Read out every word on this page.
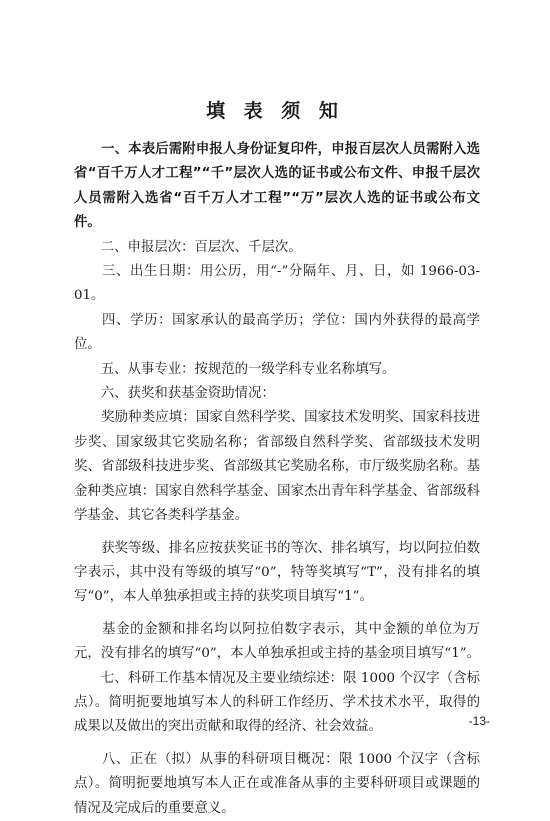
填 表 须 知

　　一、本表后需附申报人身份证复印件，申报百层次人员需附入选省“百千万人才工程”“千”层次人选的证书或公布文件、申报千层次人员需附入选省“百千万人才工程”“万”层次人选的证书或公布文件。

　　二、申报层次：百层次、千层次。

　　三、出生日期：用公历，用“-”分隔年、月、日，如 1966-03-01。

　　四、学历：国家承认的最高学历；学位：国内外获得的最高学位。

　　五、从事专业：按规范的一级学科专业名称填写。

　　六、获奖和获基金资助情况：

　　奖励种类应填：国家自然科学奖、国家技术发明奖、国家科技进步奖、国家级其它奖励名称；省部级自然科学奖、省部级技术发明奖、省部级科技进步奖、省部级其它奖励名称，市厅级奖励名称。基金种类应填：国家自然科学基金、国家杰出青年科学基金、省部级科学基金、其它各类科学基金。

　　获奖等级、排名应按获奖证书的等次、排名填写，均以阿拉伯数字表示，其中没有等级的填写“0”，特等奖填写“T”，没有排名的填写“0”，本人单独承担或主持的获奖项目填写“1”。

　　基金的金额和排名均以阿拉伯数字表示，其中金额的单位为万元，没有排名的填写“0”，本人单独承担或主持的基金项目填写“1”。

　　七、科研工作基本情况及主要业绩综述：限 1000 个汉字（含标点）。简明扼要地填写本人的科研工作经历、学术技术水平，取得的成果以及做出的突出贡献和取得的经济、社会效益。

　　八、正在（拟）从事的科研项目概况：限 1000 个汉字（含标点）。简明扼要地填写本人正在或准备从事的主要科研项目或课题的情况及完成后的重要意义。

-13-
